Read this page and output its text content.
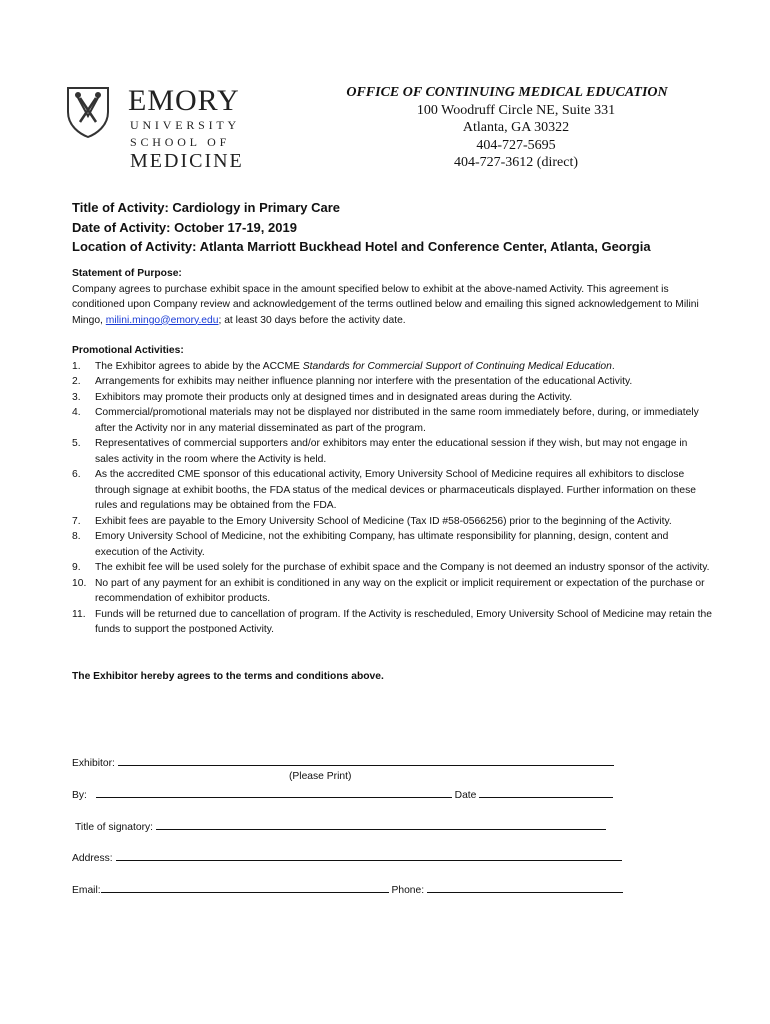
EMORY
UNIVERSITY
SCHOOL OF
MEDICINE
OFFICE OF CONTINUING MEDICAL EDUCATION
100 Woodruff Circle NE, Suite 331
Atlanta, GA 30322
404-727-5695
404-727-3612 (direct)
Title of Activity: Cardiology in Primary Care
Date of Activity: October 17-19, 2019
Location of Activity: Atlanta Marriott Buckhead Hotel and Conference Center, Atlanta, Georgia

Statement of Purpose:

Company agrees to purchase exhibit space in the amount specified below to exhibit at the above-named Activity. This agreement is conditioned upon Company review and acknowledgement of the terms outlined below and emailing this signed acknowledgement to Milini Mingo, milini.mingo@emory.edu; at least 30 days before the activity date.

Promotional Activities:

1. The Exhibitor agrees to abide by the ACCME Standards for Commercial Support of Continuing Medical Education.
2. Arrangements for exhibits may neither influence planning nor interfere with the presentation of the educational Activity.
3. Exhibitors may promote their products only at designed times and in designated areas during the Activity.
4. Commercial/promotional materials may not be displayed nor distributed in the same room immediately before, during, or immediately after the Activity nor in any material disseminated as part of the program.
5. Representatives of commercial supporters and/or exhibitors may enter the educational session if they wish, but may not engage in sales activity in the room where the Activity is held.
6. As the accredited CME sponsor of this educational activity, Emory University School of Medicine requires all exhibitors to disclose through signage at exhibit booths, the FDA status of the medical devices or pharmaceuticals displayed. Further information on these rules and regulations may be obtained from the FDA.
7. Exhibit fees are payable to the Emory University School of Medicine (Tax ID #58-0566256) prior to the beginning of the Activity.
8. Emory University School of Medicine, not the exhibiting Company, has ultimate responsibility for planning, design, content and execution of the Activity.
9. The exhibit fee will be used solely for the purchase of exhibit space and the Company is not deemed an industry sponsor of the activity.
10. No part of any payment for an exhibit is conditioned in any way on the explicit or implicit requirement or expectation of the purchase or recommendation of exhibitor products.
11. Funds will be returned due to cancellation of program. If the Activity is rescheduled, Emory University School of Medicine may retain the funds to support the postponed Activity.

The Exhibitor hereby agrees to the terms and conditions above.

Exhibitor:
(Please Print)
By:	Date
Title of signatory:
Address:
Email:	Phone:
